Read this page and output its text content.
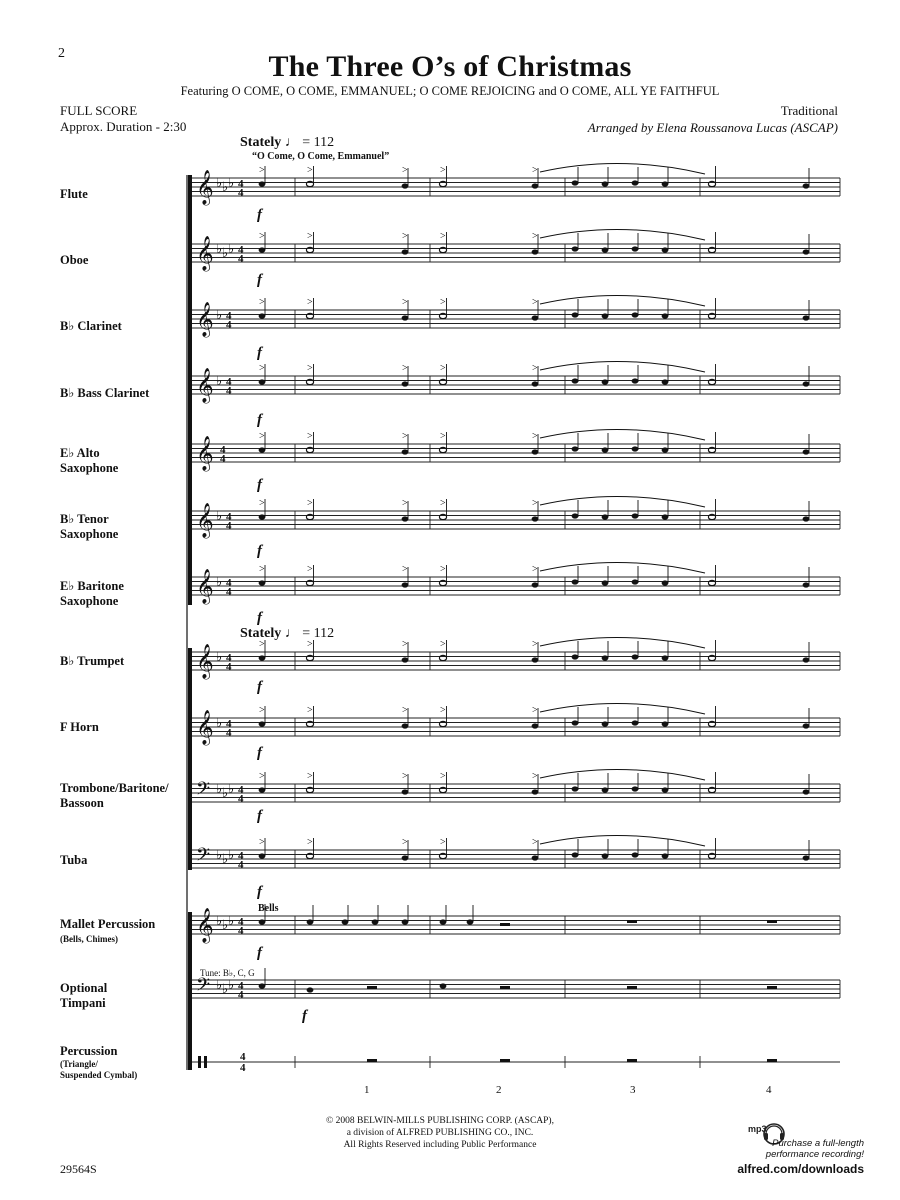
2	The Three O’s of Christmas
Featuring O COME, O COME, EMMANUEL; O COME REJOICING and O COME, ALL YE FAITHFUL
FULL SCORE
Approx. Duration - 2:30
Traditional
Arranged by Elena Roussanova Lucas (ASCAP)
Stately ♩ = 112
“O Come, O Come, Emmanuel”
Stately ♩ = 112
Flute
Oboe
B♭ Clarinet
B♭ Bass Clarinet
E♭ Alto
Saxophone
B♭ Tenor
Saxophone
E♭ Baritone
Saxophone
B♭ Trumpet
F Horn
Trombone/Baritone/
Bassoon
Tuba
Mallet Percussion
(Bells, Chimes)
Optional
Timpani
Percussion
(Triangle/
Suspended Cymbal)
f
f
f
f
f
f
f
f
f
f
f
f
f
Bells
Tune: B♭, C, G
1	2	3	4
𝄞 ♭ ♭ ♭ 4
4
>	>	>	>	>
𝄞 ♭ ♭ ♭ 4
4
>	>	>	>	>
𝄞 ♭ 4
4
>	>	>	>	>
𝄞 ♭ 4
4
>	>	>	>	>
𝄞 4
4
>	>	>	>	>
𝄞 ♭ 4
4
>	>	>	>	>
𝄞 ♭ 4
4
>	>	>	>	>
𝄞 ♭ 4
4
>	>	>	>	>
𝄞 ♭ 4
4
>	>	>	>	>
𝄢 ♭ ♭ ♭ 4
4
>	>	>	>	>
𝄢 ♭ ♭ ♭ 4
4
>	>	>	>	>
𝄞 ♭ ♭ ♭ 4
4
𝄢 ♭ ♭ ♭ 4
4
4
4
© 2008 BELWIN-MILLS PUBLISHING CORP. (ASCAP),
a division of ALFRED PUBLISHING CO., INC.
All Rights Reserved including Public Performance
29564S
mp3
Purchase a full-length
performance recording!
alfred.com/downloads
